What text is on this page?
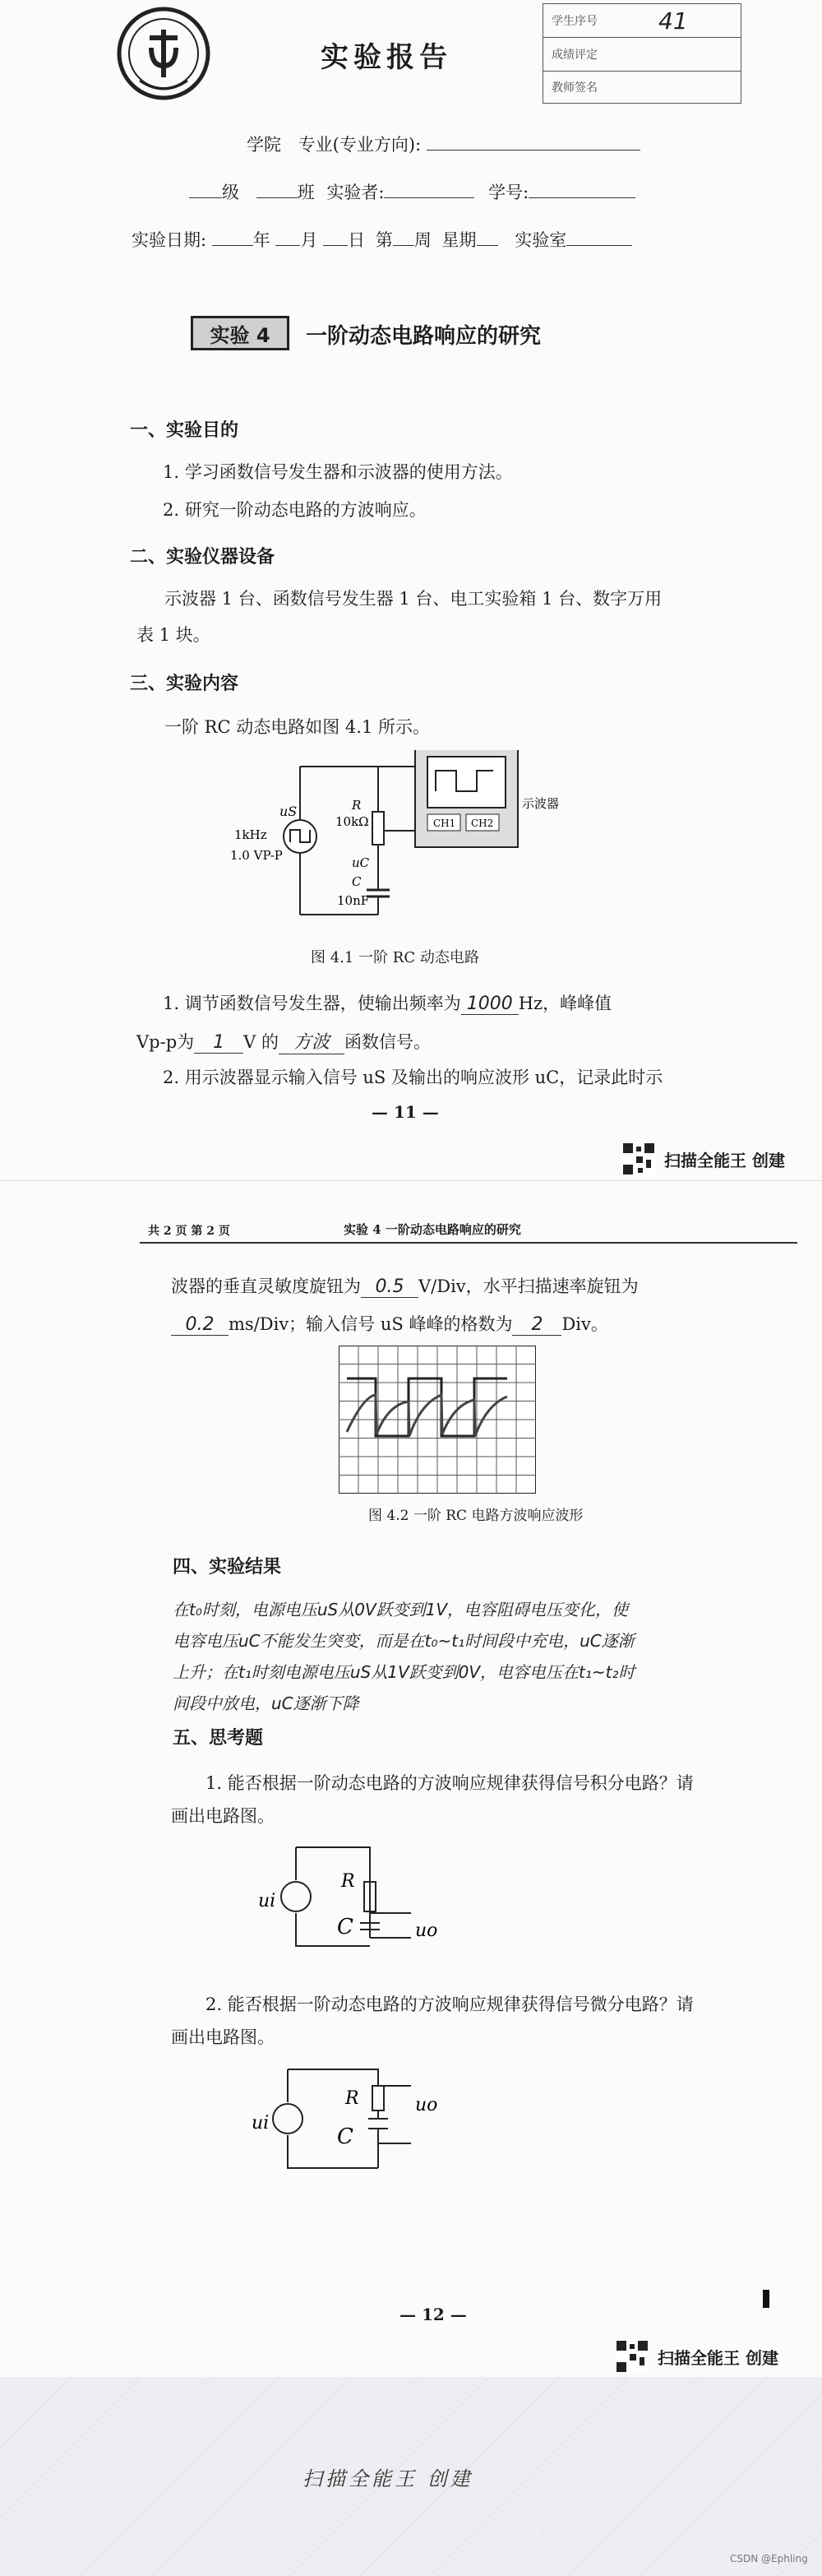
实验报告
学生序号	41
成绩评定
教师签名
学院 专业(专业方向):
级	班 实验者:	学号:
实验日期:	年 月 日 第 周 星期 实验室
实验 4	一阶动态电路响应的研究
一、实验目的
1. 学习函数信号发生器和示波器的使用方法。
2. 研究一阶动态电路的方波响应。
二、实验仪器设备
示波器 1 台、函数信号发生器 1 台、电工实验箱 1 台、数字万用
表 1 块。
三、实验内容
一阶 RC 动态电路如图 4.1 所示。
CH1 CH2
示波器
uS
1kHz
1.0 VP-P
R
10kΩ
uC
C
10nF
图 4.1 一阶 RC 动态电路
1. 调节函数信号发生器，使输出频率为 1000 Hz，峰峰值
Vp-p为 1 V 的 方波 函数信号。
2. 用示波器显示输入信号 uS 及输出的响应波形 uC，记录此时示
— 11 —
扫描全能王 创建
共 2 页 第 2 页	实验 4 一阶动态电路响应的研究
波器的垂直灵敏度旋钮为 0.5 V/Div，水平扫描速率旋钮为
0.2 ms/Div；输入信号 uS 峰峰的格数为 2 Div。
图 4.2 一阶 RC 电路方波响应波形
四、实验结果
在t₀时刻，电源电压uS从0V跃变到1V，电容阻碍电压变化，使
电容电压uC不能发生突变，而是在t₀~t₁时间段中充电，uC逐渐
上升；在t₁时刻电源电压uS从1V跃变到0V，电容电压在t₁~t₂时
间段中放电，uC逐渐下降
五、思考题
1. 能否根据一阶动态电路的方波响应规律获得信号积分电路？请
画出电路图。
ui
R
C	uo
2. 能否根据一阶动态电路的方波响应规律获得信号微分电路？请
画出电路图。
ui
R
C
uo
— 12 —
扫描全能王 创建
扫描全能王 创建
CSDN @Ephling
